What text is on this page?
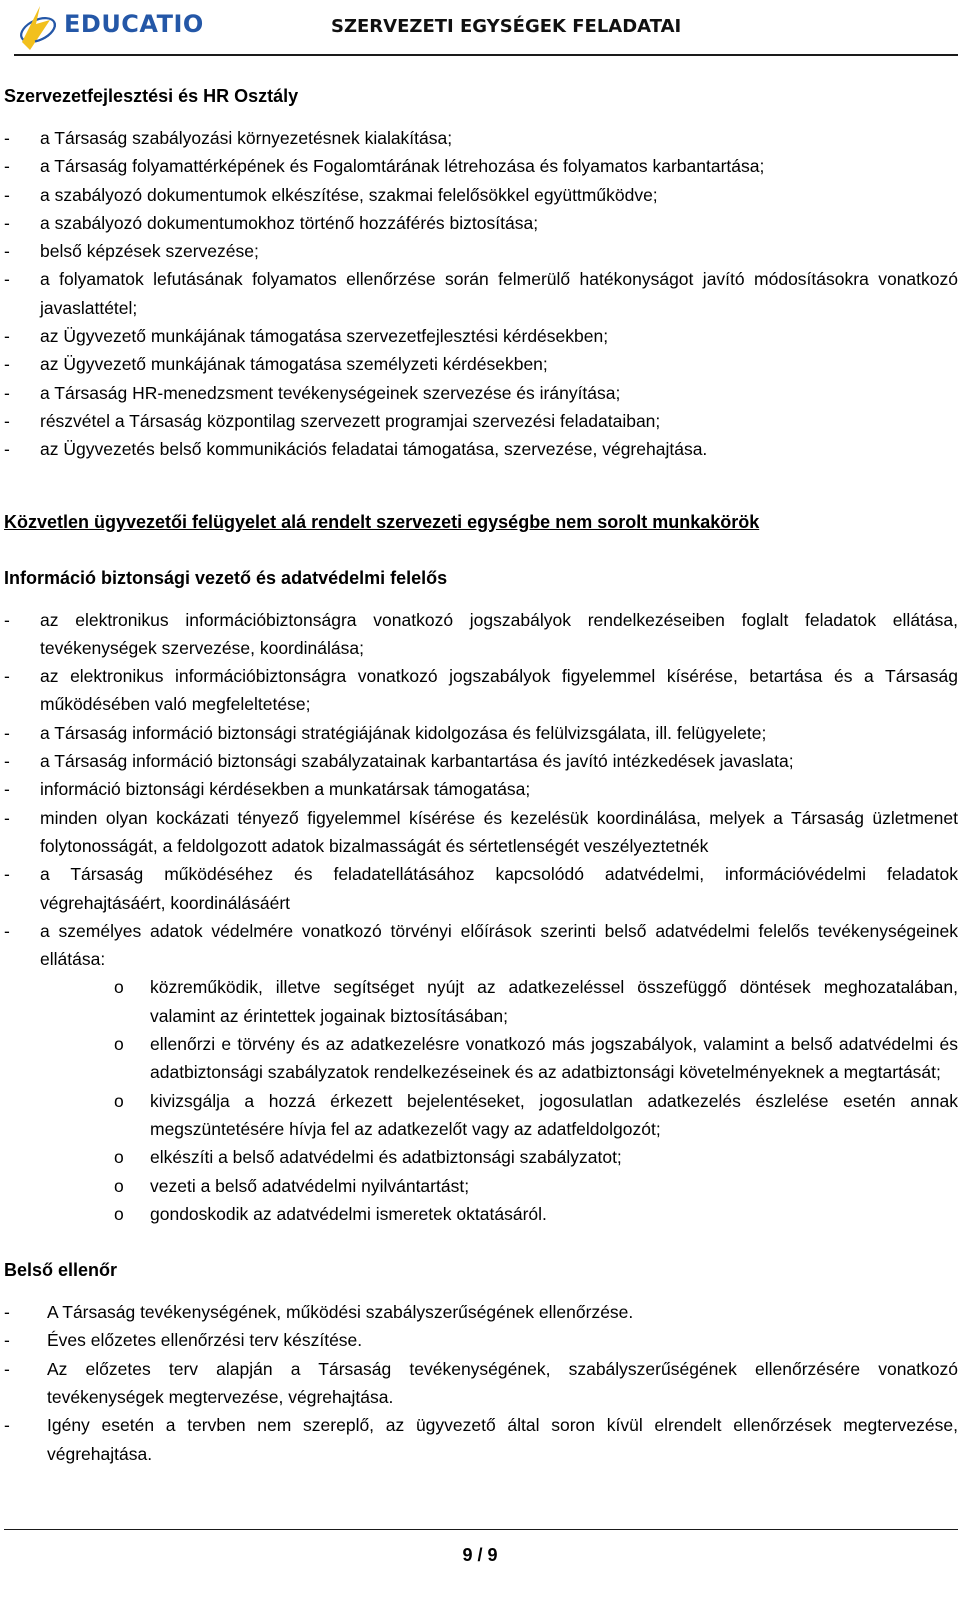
EDUCATIO	SZERVEZETI EGYSÉGEK FELADATAI

Szervezetfejlesztési és HR Osztály

- a Társaság szabályozási környezetésnek kialakítása;
- a Társaság folyamattérképének és Fogalomtárának létrehozása és folyamatos karbantartása;
- a szabályozó dokumentumok elkészítése, szakmai felelősökkel együttműködve;
- a szabályozó dokumentumokhoz történő hozzáférés biztosítása;
- belső képzések szervezése;
- a folyamatok lefutásának folyamatos ellenőrzése során felmerülő hatékonyságot javító módosításokra vonatkozó javaslattétel;
- az Ügyvezető munkájának támogatása szervezetfejlesztési kérdésekben;
- az Ügyvezető munkájának támogatása személyzeti kérdésekben;
- a Társaság HR-menedzsment tevékenységeinek szervezése és irányítása;
- részvétel a Társaság központilag szervezett programjai szervezési feladataiban;
- az Ügyvezetés belső kommunikációs feladatai támogatása, szervezése, végrehajtása.

Közvetlen ügyvezetői felügyelet alá rendelt szervezeti egységbe nem sorolt munkakörök

Információ biztonsági vezető és adatvédelmi felelős

- az elektronikus információbiztonságra vonatkozó jogszabályok rendelkezéseiben foglalt feladatok ellátása, tevékenységek szervezése, koordinálása;
- az elektronikus információbiztonságra vonatkozó jogszabályok figyelemmel kísérése, betartása és a Társaság működésében való megfeleltetése;
- a Társaság információ biztonsági stratégiájának kidolgozása és felülvizsgálata, ill. felügyelete;
- a Társaság információ biztonsági szabályzatainak karbantartása és javító intézkedések javaslata;
- információ biztonsági kérdésekben a munkatársak támogatása;
- minden olyan kockázati tényező figyelemmel kísérése és kezelésük koordinálása, melyek a Társaság üzletmenet folytonosságát, a feldolgozott adatok bizalmasságát és sértetlenségét veszélyeztetnék
- a Társaság működéséhez és feladatellátásához kapcsolódó adatvédelmi, információvédelmi feladatok végrehajtásáért, koordinálásáért
- a személyes adatok védelmére vonatkozó törvényi előírások szerinti belső adatvédelmi felelős tevékenységeinek ellátása:
o közreműködik, illetve segítséget nyújt az adatkezeléssel összefüggő döntések meghozatalában, valamint az érintettek jogainak biztosításában;
o ellenőrzi e törvény és az adatkezelésre vonatkozó más jogszabályok, valamint a belső adatvédelmi és adatbiztonsági szabályzatok rendelkezéseinek és az adatbiztonsági követelményeknek a megtartását;
o kivizsgálja a hozzá érkezett bejelentéseket, jogosulatlan adatkezelés észlelése esetén annak megszüntetésére hívja fel az adatkezelőt vagy az adatfeldolgozót;
o elkészíti a belső adatvédelmi és adatbiztonsági szabályzatot;
o vezeti a belső adatvédelmi nyilvántartást;
o gondoskodik az adatvédelmi ismeretek oktatásáról.

Belső ellenőr

- A Társaság tevékenységének, működési szabályszerűségének ellenőrzése.
- Éves előzetes ellenőrzési terv készítése.
- Az előzetes terv alapján a Társaság tevékenységének, szabályszerűségének ellenőrzésére vonatkozó tevékenységek megtervezése, végrehajtása.
- Igény esetén a tervben nem szereplő, az ügyvezető által soron kívül elrendelt ellenőrzések megtervezése, végrehajtása.
9 / 9
